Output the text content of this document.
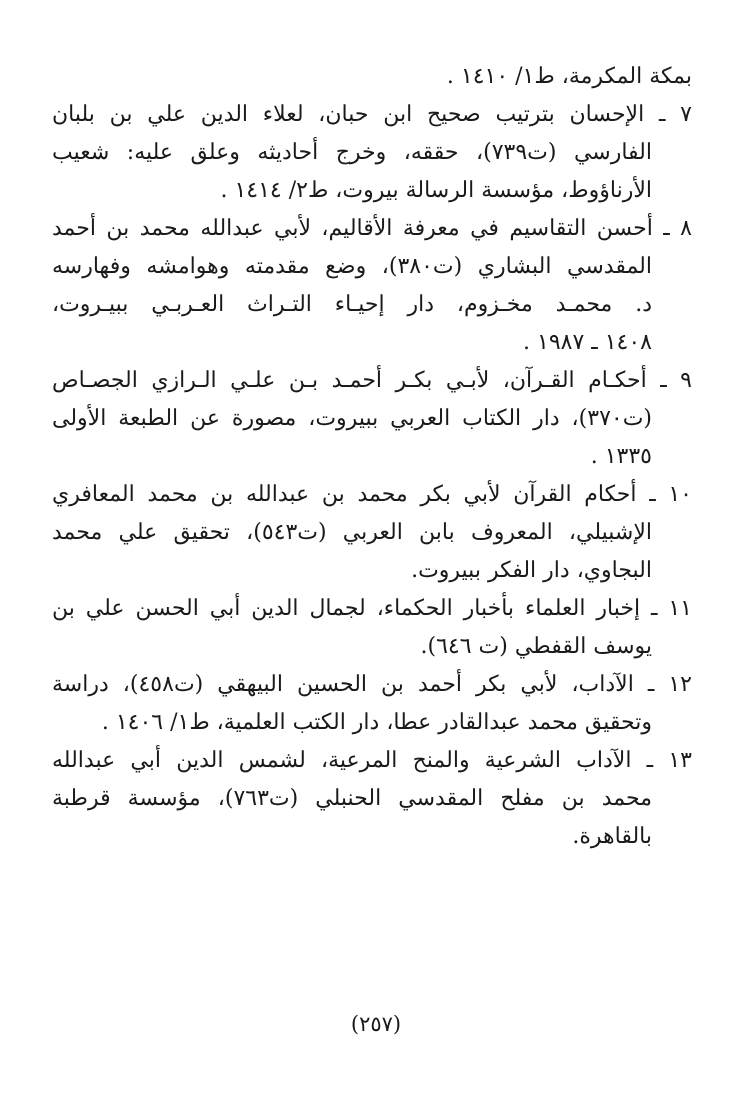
بمكة المكرمة، ط١/ ١٤١٠ .
٧ ـ الإحسان بترتيب صحيح ابن حبان، لعلاء الدين علي بن بلبان
الفارسي (ت٧٣٩)، حققه، وخرج أحاديثه وعلق عليه: شعيب
الأرناؤوط، مؤسسة الرسالة بيروت، ط٢/ ١٤١٤ .
٨ ـ أحسن التقاسيم في معرفة الأقاليم، لأبي عبدالله محمد بن أحمد
المقدسي البشاري (ت٣٨٠)، وضع مقدمته وهوامشه وفهارسه
د. محمـد مخـزوم، دار إحيـاء التـراث العـربـي ببيـروت،
١٤٠٨ ـ ١٩٨٧ .
٩ ـ أحكـام القـرآن، لأبـي بكـر أحمـد بـن علـي الـرازي الجصـاص
(ت٣٧٠)، دار الكتاب العربي ببيروت، مصورة عن الطبعة الأولى
١٣٣٥ .
١٠ ـ أحكام القرآن لأبي بكر محمد بن عبدالله بن محمد المعافري
الإشبيلي، المعروف بابن العربي (ت٥٤٣)، تحقيق علي محمد
البجاوي، دار الفكر ببيروت.
١١ ـ إخبار العلماء بأخبار الحكماء، لجمال الدين أبي الحسن علي بن
يوسف القفطي (ت ٦٤٦).
١٢ ـ الآداب، لأبي بكر أحمد بن الحسين البيهقي (ت٤٥٨)، دراسة
وتحقيق محمد عبدالقادر عطا، دار الكتب العلمية، ط١/ ١٤٠٦ .
١٣ ـ الآداب الشرعية والمنح المرعية، لشمس الدين أبي عبدالله
محمد بن مفلح المقدسي الحنبلي (ت٧٦٣)، مؤسسة قرطبة
بالقاهرة.
(٢٥٧)
